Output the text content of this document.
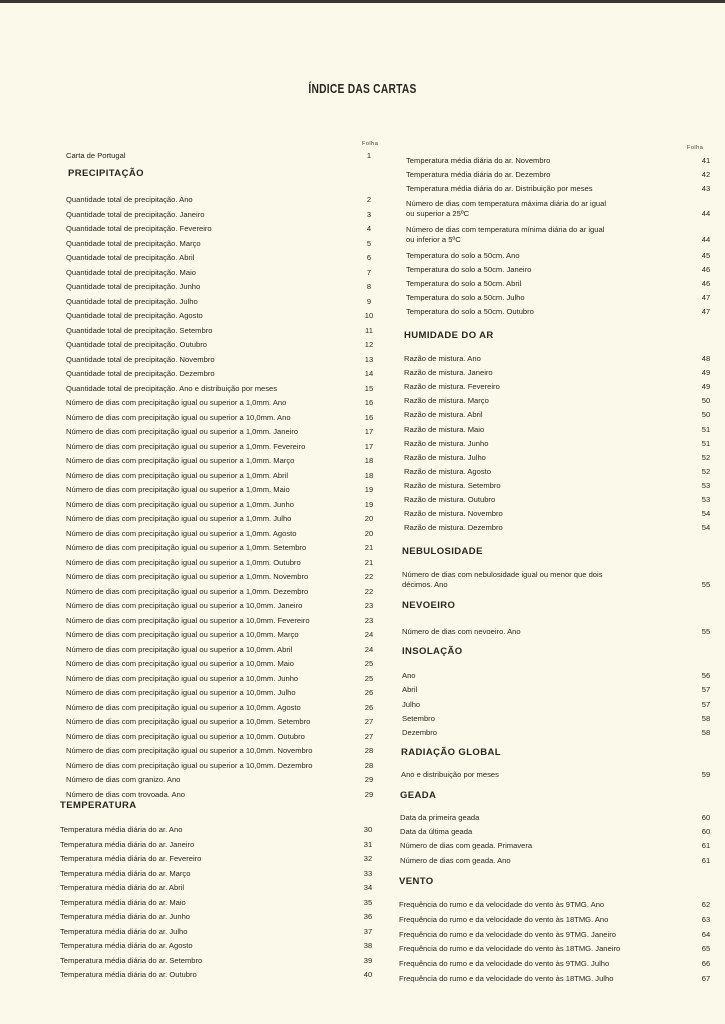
ÍNDICE DAS CARTAS
Folha
Folha
Carta de Portugal	1
PRECIPITAÇÃO
Quantidade total de precipitação. Ano	2
Quantidade total de precipitação. Janeiro	3
Quantidade total de precipitação. Fevereiro	4
Quantidade total de precipitação. Março	5
Quantidade total de precipitação. Abril	6
Quantidade total de precipitação. Maio	7
Quantidade total de precipitação. Junho	8
Quantidade total de precipitação. Julho	9
Quantidade total de precipitação. Agosto	10
Quantidade total de precipitação. Setembro	11
Quantidade total de precipitação. Outubro	12
Quantidade total de precipitação. Novembro	13
Quantidade total de precipitação. Dezembro	14
Quantidade total de precipitação. Ano e distribuição por meses	15
Número de dias com precipitação igual ou superior a 1,0mm. Ano	16
Número de dias com precipitação igual ou superior a 10,0mm. Ano	16
Número de dias com precipitação igual ou superior a 1,0mm. Janeiro	17
Número de dias com precipitação igual ou superior a 1,0mm. Fevereiro	17
Número de dias com precipitação igual ou superior a 1,0mm. Março	18
Número de dias com precipitação igual ou superior a 1,0mm. Abril	18
Número de dias com precipitação igual ou superior a 1,0mm. Maio	19
Número de dias com precipitação igual ou superior a 1,0mm. Junho	19
Número de dias com precipitação igual ou superior a 1,0mm. Julho	20
Número de dias com precipitação igual ou superior a 1,0mm. Agosto	20
Número de dias com precipitação igual ou superior a 1,0mm. Setembro	21
Número de dias com precipitação igual ou superior a 1,0mm. Outubro	21
Número de dias com precipitação igual ou superior a 1,0mm. Novembro	22
Número de dias com precipitação igual ou superior a 1,0mm. Dezembro	22
Número de dias com precipitação igual ou superior a 10,0mm. Janeiro	23
Número de dias com precipitação igual ou superior a 10,0mm. Fevereiro	23
Número de dias com precipitação igual ou superior a 10,0mm. Março	24
Número de dias com precipitação igual ou superior a 10,0mm. Abril	24
Número de dias com precipitação igual ou superior a 10,0mm. Maio	25
Número de dias com precipitação igual ou superior a 10,0mm. Junho	25
Número de dias com precipitação igual ou superior a 10,0mm. Julho	26
Número de dias com precipitação igual ou superior a 10,0mm. Agosto	26
Número de dias com precipitação igual ou superior a 10,0mm. Setembro	27
Número de dias com precipitação igual ou superior a 10,0mm. Outubro	27
Número de dias com precipitação igual ou superior a 10,0mm. Novembro	28
Número de dias com precipitação igual ou superior a 10,0mm. Dezembro	28
Número de dias com granizo. Ano	29
Número de dias com trovoada. Ano	29
TEMPERATURA
Temperatura média diária do ar. Ano	30
Temperatura média diária do ar. Janeiro	31
Temperatura média diária do ar. Fevereiro	32
Temperatura média diária do ar. Março	33
Temperatura média diária do ar. Abril	34
Temperatura média diária do ar. Maio	35
Temperatura média diária do ar. Junho	36
Temperatura média diária do ar. Julho	37
Temperatura média diária do ar. Agosto	38
Temperatura média diária do ar. Setembro	39
Temperatura média diária do ar. Outubro	40
Temperatura média diária do ar. Novembro	41
Temperatura média diária do ar. Dezembro	42
Temperatura média diária do ar. Distribuição por meses	43
Número de dias com temperatura máxima diária do ar igual
ou superior a 25ºC	44
Número de dias com temperatura mínima diária do ar igual
ou inferior a 5ºC	44
Temperatura do solo a 50cm. Ano	45
Temperatura do solo a 50cm. Janeiro	46
Temperatura do solo a 50cm. Abril	46
Temperatura do solo a 50cm. Julho	47
Temperatura do solo a 50cm. Outubro	47
HUMIDADE DO AR
Razão de mistura. Ano	48
Razão de mistura. Janeiro	49
Razão de mistura. Fevereiro	49
Razão de mistura. Março	50
Razão de mistura. Abril	50
Razão de mistura. Maio	51
Razão de mistura. Junho	51
Razão de mistura. Julho	52
Razão de mistura. Agosto	52
Razão de mistura. Setembro	53
Razão de mistura. Outubro	53
Razão de mistura. Novembro	54
Razão de mistura. Dezembro	54
NEBULOSIDADE
Número de dias com nebulosidade igual ou menor que dois
décimos. Ano	55
NEVOEIRO
Número de dias com nevoeiro. Ano	55
INSOLAÇÃO
Ano	56
Abril	57
Julho	57
Setembro	58
Dezembro	58
RADIAÇÃO GLOBAL
Ano e distribuição por meses	59
GEADA
Data da primeira geada	60
Data da última geada	60
Número de dias com geada. Primavera	61
Número de dias com geada. Ano	61
VENTO
Frequência do rumo e da velocidade do vento às 9TMG. Ano	62
Frequência do rumo e da velocidade do vento às 18TMG. Ano	63
Frequência do rumo e da velocidade do vento às 9TMG. Janeiro	64
Frequência do rumo e da velocidade do vento às 18TMG. Janeiro	65
Frequência do rumo e da velocidade do vento às 9TMG. Julho	66
Frequência do rumo e da velocidade do vento às 18TMG. Julho	67
